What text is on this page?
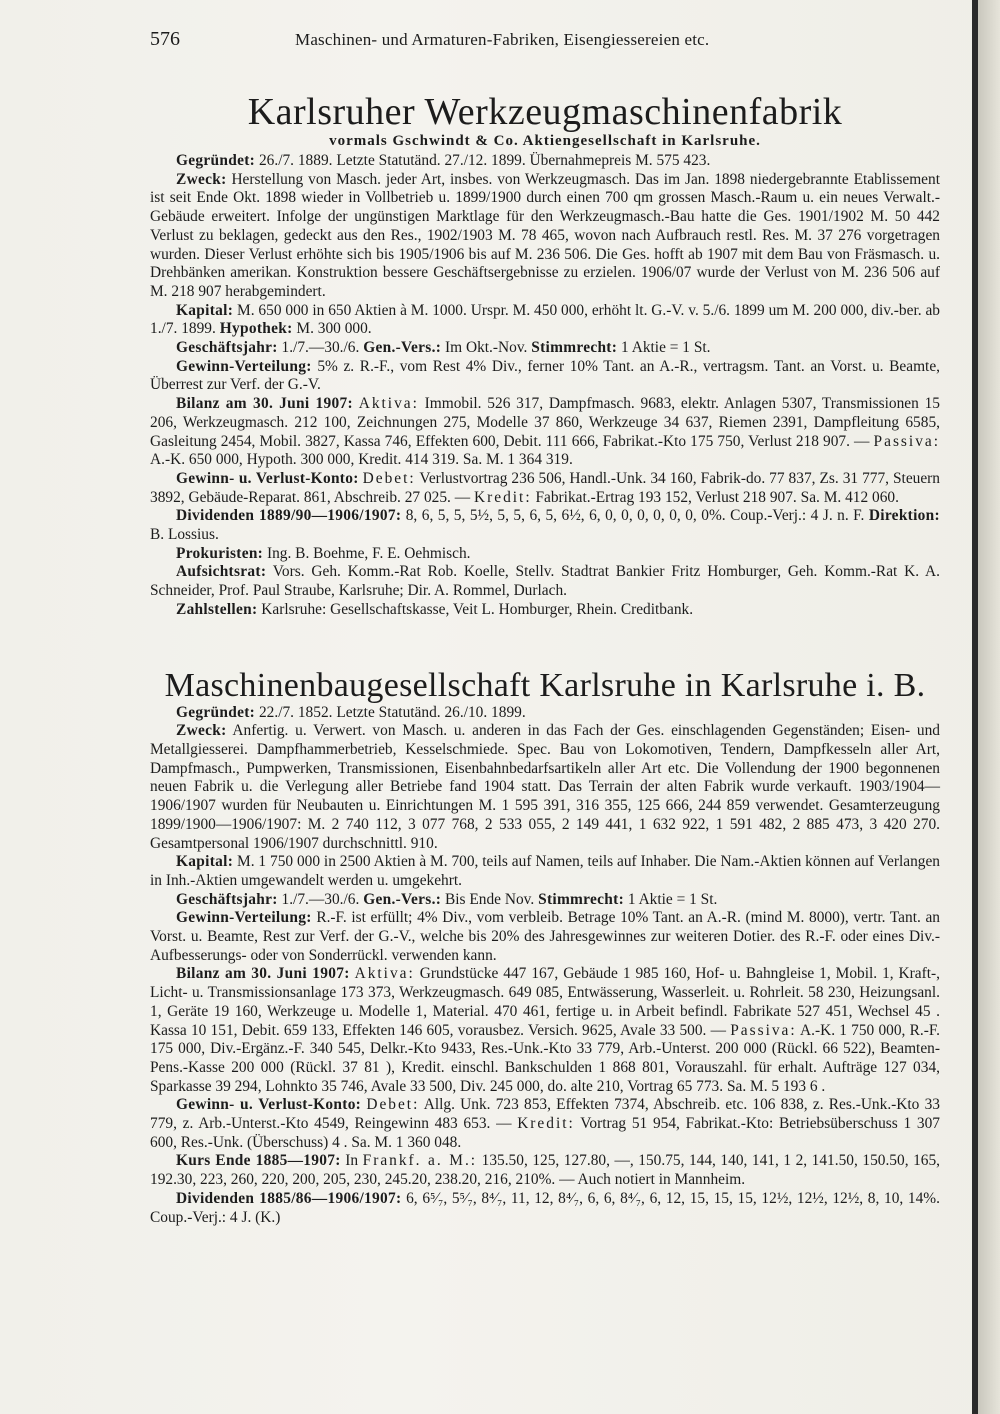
576	Maschinen- und Armaturen-Fabriken, Eisengiessereien etc.
Karlsruher Werkzeugmaschinenfabrik
vormals Gschwindt & Co. Aktiengesellschaft in Karlsruhe.

Gegründet: 26./7. 1889. Letzte Statutänd. 27./12. 1899. Übernahmepreis M. 575 423.

Zweck: Herstellung von Masch. jeder Art, insbes. von Werkzeugmasch. Das im Jan. 1898 niedergebrannte Etablissement ist seit Ende Okt. 1898 wieder in Vollbetrieb u. 1899/1900 durch einen 700 qm grossen Masch.-Raum u. ein neues Verwalt.-Gebäude erweitert. Infolge der ungünstigen Marktlage für den Werkzeugmasch.-Bau hatte die Ges. 1901/1902 M. 50 442 Verlust zu beklagen, gedeckt aus den Res., 1902/1903 M. 78 465, wovon nach Aufbrauch restl. Res. M. 37 276 vorgetragen wurden. Dieser Verlust erhöhte sich bis 1905/1906 bis auf M. 236 506. Die Ges. hofft ab 1907 mit dem Bau von Fräsmasch. u. Drehbänken amerikan. Konstruktion bessere Geschäftsergebnisse zu erzielen. 1906/07 wurde der Verlust von M. 236 506 auf M. 218 907 herabgemindert.

Kapital: M. 650 000 in 650 Aktien à M. 1000. Urspr. M. 450 000, erhöht lt. G.-V. v. 5./6. 1899 um M. 200 000, div.-ber. ab 1./7. 1899. Hypothek: M. 300 000.

Geschäftsjahr: 1./7.—30./6. Gen.-Vers.: Im Okt.-Nov. Stimmrecht: 1 Aktie = 1 St.

Gewinn-Verteilung: 5% z. R.-F., vom Rest 4% Div., ferner 10% Tant. an A.-R., vertragsm. Tant. an Vorst. u. Beamte, Überrest zur Verf. der G.-V.

Bilanz am 30. Juni 1907: Aktiva: Immobil. 526 317, Dampfmasch. 9683, elektr. Anlagen 5307, Transmissionen 15 206, Werkzeugmasch. 212 100, Zeichnungen 275, Modelle 37 860, Werkzeuge 34 637, Riemen 2391, Dampfleitung 6585, Gasleitung 2454, Mobil. 3827, Kassa 746, Effekten 600, Debit. 111 666, Fabrikat.-Kto 175 750, Verlust 218 907. — Passiva: A.-K. 650 000, Hypoth. 300 000, Kredit. 414 319. Sa. M. 1 364 319.

Gewinn- u. Verlust-Konto: Debet: Verlustvortrag 236 506, Handl.-Unk. 34 160, Fabrik-do. 77 837, Zs. 31 777, Steuern 3892, Gebäude-Reparat. 861, Abschreib. 27 025. — Kredit: Fabrikat.-Ertrag 193 152, Verlust 218 907. Sa. M. 412 060.

Dividenden 1889/90—1906/1907: 8, 6, 5, 5, 5½, 5, 5, 6, 5, 6½, 6, 0, 0, 0, 0, 0, 0, 0%. Coup.-Verj.: 4 J. n. F. Direktion: B. Lossius.

Prokuristen: Ing. B. Boehme, F. E. Oehmisch.

Aufsichtsrat: Vors. Geh. Komm.-Rat Rob. Koelle, Stellv. Stadtrat Bankier Fritz Homburger, Geh. Komm.-Rat K. A. Schneider, Prof. Paul Straube, Karlsruhe; Dir. A. Rommel, Durlach.

Zahlstellen: Karlsruhe: Gesellschaftskasse, Veit L. Homburger, Rhein. Creditbank.

Maschinenbaugesellschaft Karlsruhe in Karlsruhe i. B.

Gegründet: 22./7. 1852. Letzte Statutänd. 26./10. 1899.

Zweck: Anfertig. u. Verwert. von Masch. u. anderen in das Fach der Ges. einschlagenden Gegenständen; Eisen- und Metallgiesserei. Dampfhammerbetrieb, Kesselschmiede. Spec. Bau von Lokomotiven, Tendern, Dampfkesseln aller Art, Dampfmasch., Pumpwerken, Transmissionen, Eisenbahnbedarfsartikeln aller Art etc. Die Vollendung der 1900 begonnenen neuen Fabrik u. die Verlegung aller Betriebe fand 1904 statt. Das Terrain der alten Fabrik wurde verkauft. 1903/1904—1906/1907 wurden für Neubauten u. Einrichtungen M. 1 595 391, 316 355, 125 666, 244 859 verwendet. Gesamterzeugung 1899/1900—1906/1907: M. 2 740 112, 3 077 768, 2 533 055, 2 149 441, 1 632 922, 1 591 482, 2 885 473, 3 420 270. Gesamtpersonal 1906/1907 durchschnittl. 910.

Kapital: M. 1 750 000 in 2500 Aktien à M. 700, teils auf Namen, teils auf Inhaber. Die Nam.-Aktien können auf Verlangen in Inh.-Aktien umgewandelt werden u. umgekehrt.

Geschäftsjahr: 1./7.—30./6. Gen.-Vers.: Bis Ende Nov. Stimmrecht: 1 Aktie = 1 St.

Gewinn-Verteilung: R.-F. ist erfüllt; 4% Div., vom verbleib. Betrage 10% Tant. an A.-R. (mind M. 8000), vertr. Tant. an Vorst. u. Beamte, Rest zur Verf. der G.-V., welche bis 20% des Jahresgewinnes zur weiteren Dotier. des R.-F. oder eines Div.-Aufbesserungs- oder von Sonderrückl. verwenden kann.

Bilanz am 30. Juni 1907: Aktiva: Grundstücke 447 167, Gebäude 1 985 160, Hof- u. Bahngleise 1, Mobil. 1, Kraft-, Licht- u. Transmissionsanlage 173 373, Werkzeugmasch. 649 085, Entwässerung, Wasserleit. u. Rohrleit. 58 230, Heizungsanl. 1, Geräte 19 160, Werkzeuge u. Modelle 1, Material. 470 461, fertige u. in Arbeit befindl. Fabrikate 527 451, Wechsel 45 . Kassa 10 151, Debit. 659 133, Effekten 146 605, vorausbez. Versich. 9625, Avale 33 500. — Passiva: A.-K. 1 750 000, R.-F. 175 000, Div.-Ergänz.-F. 340 545, Delkr.-Kto 9433, Res.-Unk.-Kto 33 779, Arb.-Unterst. 200 000 (Rückl. 66 522), Beamten-Pens.-Kasse 200 000 (Rückl. 37 81 ), Kredit. einschl. Bankschulden 1 868 801, Vorauszahl. für erhalt. Aufträge 127 034, Sparkasse 39 294, Lohnkto 35 746, Avale 33 500, Div. 245 000, do. alte 210, Vortrag 65 773. Sa. M. 5 193 6 .

Gewinn- u. Verlust-Konto: Debet: Allg. Unk. 723 853, Effekten 7374, Abschreib. etc. 106 838, z. Res.-Unk.-Kto 33 779, z. Arb.-Unterst.-Kto 4549, Reingewinn 483 653. — Kredit: Vortrag 51 954, Fabrikat.-Kto: Betriebsüberschuss 1 307 600, Res.-Unk. (Überschuss) 4 . Sa. M. 1 360 048.

Kurs Ende 1885—1907: In Frankf. a. M.: 135.50, 125, 127.80, —, 150.75, 144, 140, 141, 1 2, 141.50, 150.50, 165, 192.30, 223, 260, 220, 200, 205, 230, 245.20, 238.20, 216, 210%. — Auch notiert in Mannheim.

Dividenden 1885/86—1906/1907: 6, 6⁵⁄₇, 5⁵⁄₇, 8⁴⁄₇, 11, 12, 8⁴⁄₇, 6, 6, 8⁴⁄₇, 6, 12, 15, 15, 15, 12½, 12½, 12½, 8, 10, 14%. Coup.-Verj.: 4 J. (K.)
